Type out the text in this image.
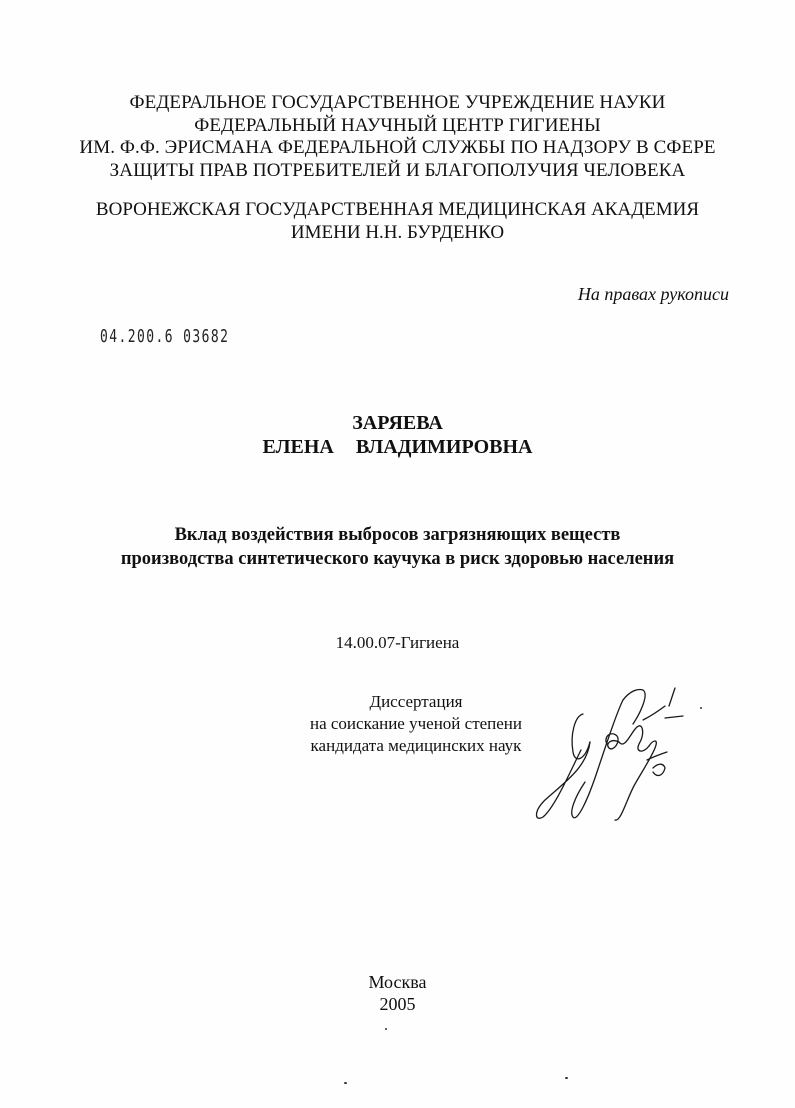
ФЕДЕРАЛЬНОЕ ГОСУДАРСТВЕННОЕ УЧРЕЖДЕНИЕ НАУКИ
ФЕДЕРАЛЬНЫЙ НАУЧНЫЙ ЦЕНТР ГИГИЕНЫ
ИМ. Ф.Ф. ЭРИСМАНА ФЕДЕРАЛЬНОЙ СЛУЖБЫ ПО НАДЗОРУ В СФЕРЕ
ЗАЩИТЫ ПРАВ ПОТРЕБИТЕЛЕЙ И БЛАГОПОЛУЧИЯ ЧЕЛОВЕКА
ВОРОНЕЖСКАЯ ГОСУДАРСТВЕННАЯ МЕДИЦИНСКАЯ АКАДЕМИЯ
ИМЕНИ Н.Н. БУРДЕНКО
На правах рукописи
04.200.6 03682
ЗАРЯЕВА
ЕЛЕНА  ВЛАДИМИРОВНА
Вклад воздействия выбросов загрязняющих веществ
производства синтетического каучука в риск здоровью населения
14.00.07-Гигиена
Диссертация
на соискание ученой степени
кандидата медицинских наук
Москва
2005
